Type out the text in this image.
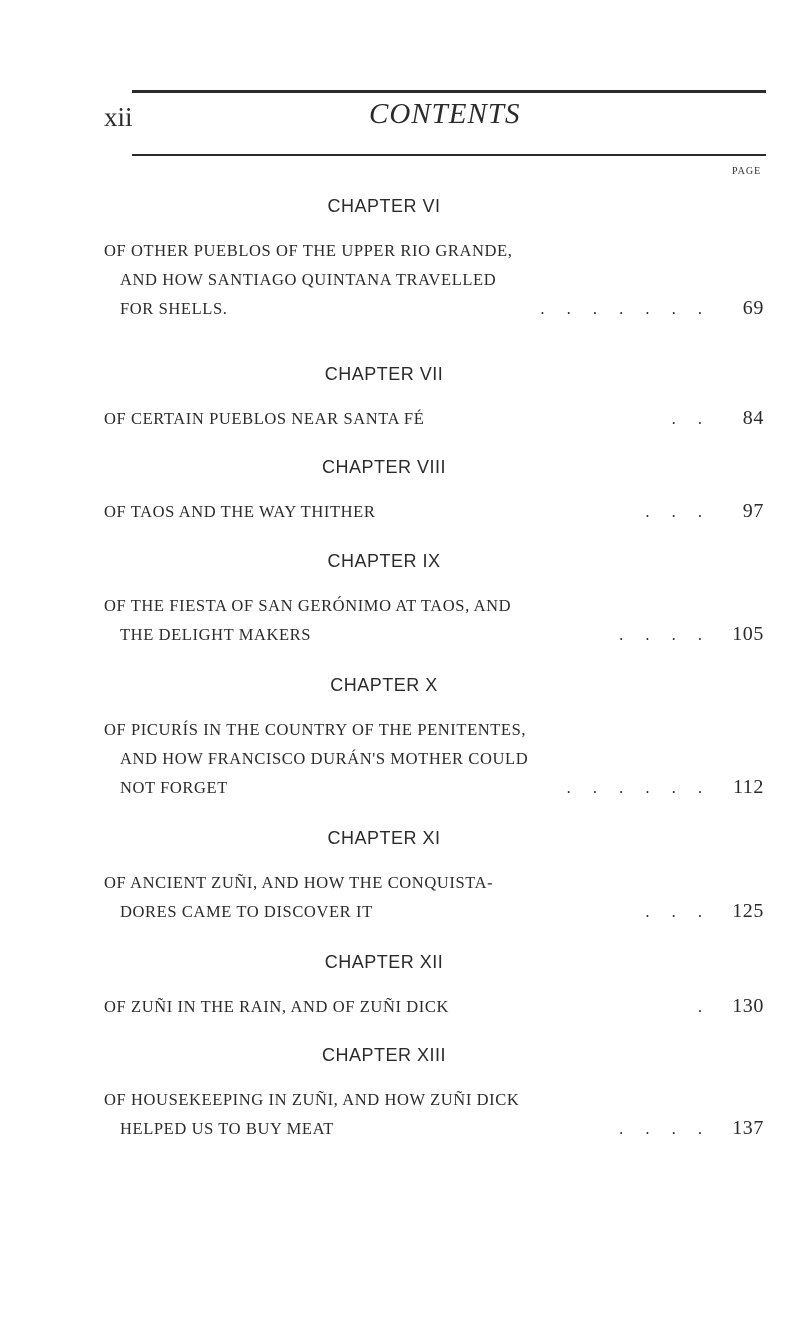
xii	CONTENTS
PAGE
CHAPTER VI
OF OTHER PUEBLOS OF THE UPPER RIO GRANDE,
AND HOW SANTIAGO QUINTANA TRAVELLED
FOR SHELLS.	. . . . . . . 69
CHAPTER VII
OF CERTAIN PUEBLOS NEAR SANTA FÉ	. . 84
CHAPTER VIII
OF TAOS AND THE WAY THITHER	. . . 97
CHAPTER IX
OF THE FIESTA OF SAN GERÓNIMO AT TAOS, AND
THE DELIGHT MAKERS	. . . . 105
CHAPTER X
OF PICURÍS IN THE COUNTRY OF THE PENITENTES,
AND HOW FRANCISCO DURÁN'S MOTHER COULD
NOT FORGET	. . . . . . 112
CHAPTER XI
OF ANCIENT ZUÑI, AND HOW THE CONQUISTA-
DORES CAME TO DISCOVER IT	. . . 125
CHAPTER XII
OF ZUÑI IN THE RAIN, AND OF ZUÑI DICK	. 130
CHAPTER XIII
OF HOUSEKEEPING IN ZUÑI, AND HOW ZUÑI DICK
HELPED US TO BUY MEAT	. . . . 137
